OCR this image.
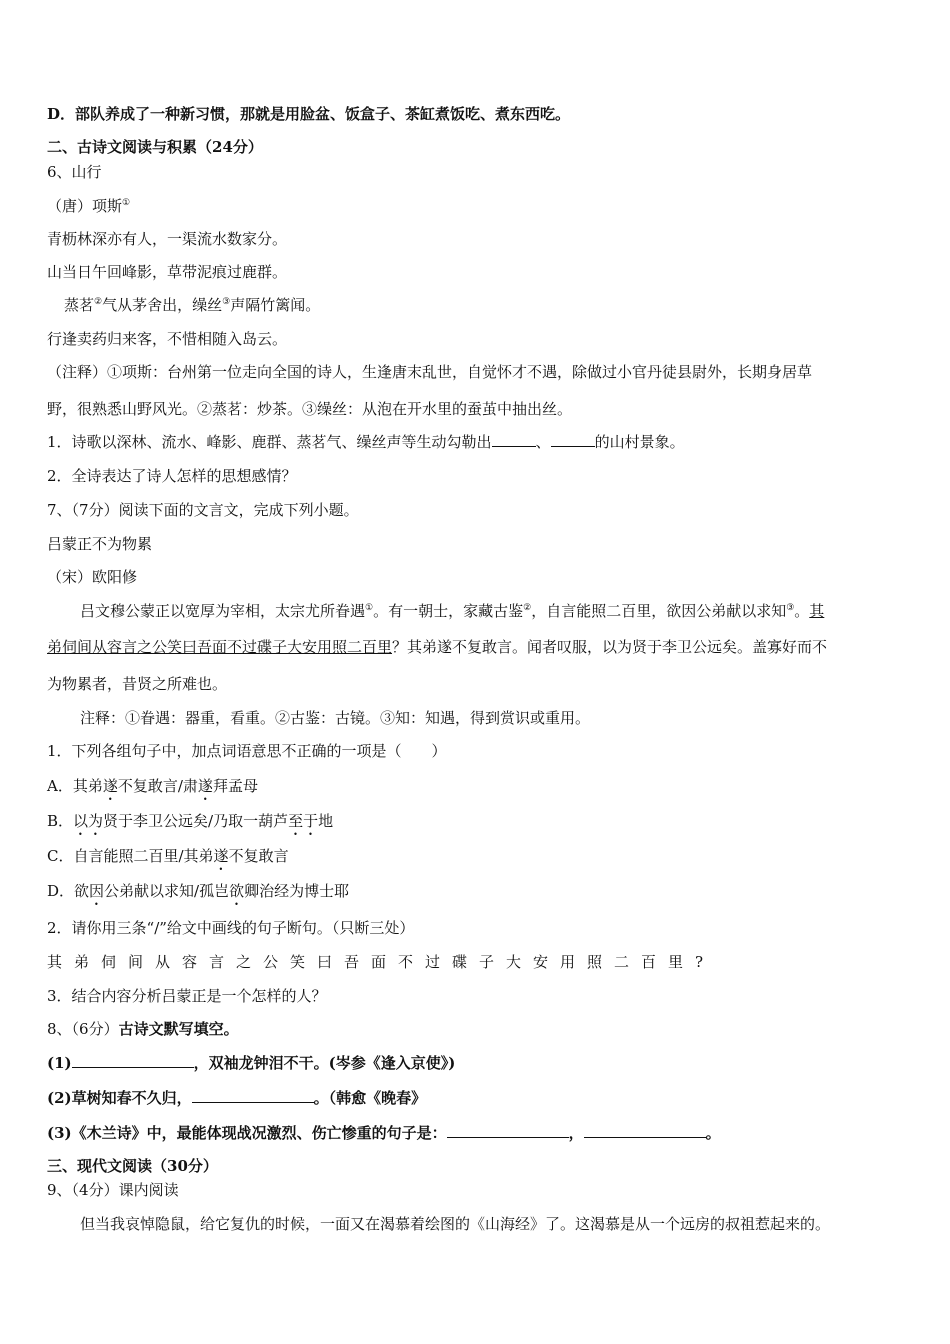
D．部队养成了一种新习惯，那就是用脸盆、饭盒子、茶缸煮饭吃、煮东西吃。
二、古诗文阅读与积累（24分）
6、山行
（唐）项斯①
青枥林深亦有人，一渠流水数家分。
山当日午回峰影，草带泥痕过鹿群。
蒸茗②气从茅舍出，缲丝③声隔竹篱闻。
行逢卖药归来客，不惜相随入岛云。
（注释）①项斯：台州第一位走向全国的诗人，生逢唐末乱世，自觉怀才不遇，除做过小官丹徒县尉外，长期身居草
野，很熟悉山野风光。②蒸茗：炒茶。③缲丝：从泡在开水里的蚕茧中抽出丝。
1．诗歌以深林、流水、峰影、鹿群、蒸茗气、缲丝声等生动勾勒出	、	的山村景象。
2．全诗表达了诗人怎样的思想感情？
7、（7分）阅读下面的文言文，完成下列小题。
吕蒙正不为物累
（宋）欧阳修
吕文穆公蒙正以宽厚为宰相，太宗尤所眷遇①。有一朝士，家藏古鉴②，自言能照二百里，欲因公弟献以求知③。其
弟伺间从容言之公笑曰吾面不过碟子大安用照二百里？其弟遂不复敢言。闻者叹服，以为贤于李卫公远矣。盖寡好而不
为物累者，昔贤之所难也。
注释：①眷遇：器重，看重。②古鉴：古镜。③知：知遇，得到赏识或重用。
1．下列各组句子中，加点词语意思不正确的一项是（　　）
A．其弟遂不复敢言/肃遂拜孟母
B．以为贤于李卫公远矣/乃取一葫芦至于地
C．自言能照二百里/其弟遂不复敢言
D．欲因公弟献以求知/孤岂欲卿治经为博士耶
2．请你用三条“/”给文中画线的句子断句。（只断三处）
其弟伺间从容言之公笑曰吾面不过碟子大安用照二百里?
3．结合内容分析吕蒙正是一个怎样的人？
8、（6分）古诗文默写填空。
(1)	，双袖龙钟泪不干。(岑参《逢入京使》)
(2)草树知春不久归，	。（韩愈《晚春》
(3)《木兰诗》中，最能体现战况激烈、伤亡惨重的句子是：	，	。
三、现代文阅读（30分）
9、（4分）课内阅读
但当我哀悼隐鼠，给它复仇的时候，一面又在渴慕着绘图的《山海经》了。这渴慕是从一个远房的叔祖惹起来的。
